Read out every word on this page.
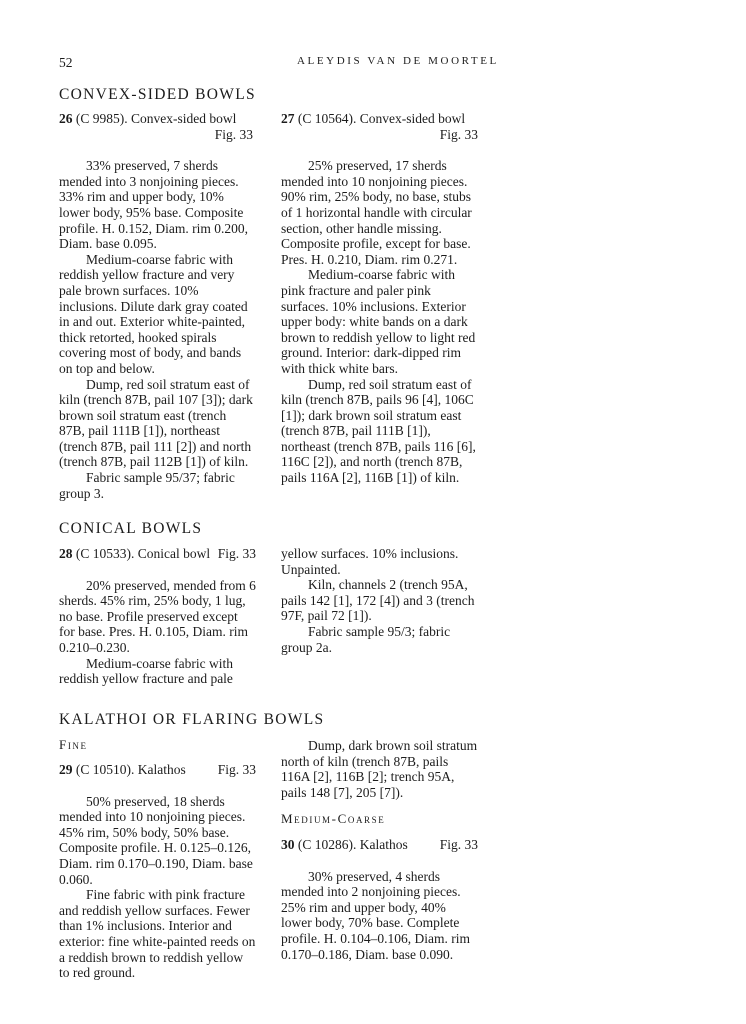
52	ALEYDIS VAN DE MOORTEL
CONVEX-SIDED BOWLS
26 (C 9985). Convex-sided bowl
Fig. 33

33% preserved, 7 sherds mended into 3 nonjoining pieces. 33% rim and upper body, 10% lower body, 95% base. Composite profile. H. 0.152, Diam. rim 0.200, Diam. base 0.095.

Medium-coarse fabric with reddish yellow fracture and very pale brown surfaces. 10% inclusions. Dilute dark gray coated in and out. Exterior white-painted, thick retorted, hooked spirals covering most of body, and bands on top and below.

Dump, red soil stratum east of kiln (trench 87B, pail 107 [3]); dark brown soil stratum east (trench 87B, pail 111B [1]), northeast (trench 87B, pail 111 [2]) and north (trench 87B, pail 112B [1]) of kiln.

Fabric sample 95/37; fabric group 3.

27 (C 10564). Convex-sided bowl
Fig. 33

25% preserved, 17 sherds mended into 10 nonjoining pieces. 90% rim, 25% body, no base, stubs of 1 horizontal handle with circular section, other handle missing. Composite profile, except for base. Pres. H. 0.210, Diam. rim 0.271.

Medium-coarse fabric with pink fracture and paler pink surfaces. 10% inclusions. Exterior upper body: white bands on a dark brown to reddish yellow to light red ground. Interior: dark-dipped rim with thick white bars.

Dump, red soil stratum east of kiln (trench 87B, pails 96 [4], 106C [1]); dark brown soil stratum east (trench 87B, pail 111B [1]), northeast (trench 87B, pails 116 [6], 116C [2]), and north (trench 87B, pails 116A [2], 116B [1]) of kiln.

CONICAL BOWLS
28 (C 10533). Conical bowl Fig. 33

20% preserved, mended from 6 sherds. 45% rim, 25% body, 1 lug, no base. Profile preserved except for base. Pres. H. 0.105, Diam. rim 0.210–0.230.

Medium-coarse fabric with reddish yellow fracture and pale

yellow surfaces. 10% inclusions. Unpainted.

Kiln, channels 2 (trench 95A, pails 142 [1], 172 [4]) and 3 (trench 97F, pail 72 [1]).

Fabric sample 95/3; fabric group 2a.

KALATHOI OR FLARING BOWLS
Fine
29 (C 10510). Kalathos Fig. 33

50% preserved, 18 sherds mended into 10 nonjoining pieces. 45% rim, 50% body, 50% base. Composite profile. H. 0.125–0.126, Diam. rim 0.170–0.190, Diam. base 0.060.

Fine fabric with pink fracture and reddish yellow surfaces. Fewer than 1% inclusions. Interior and exterior: fine white-painted reeds on a reddish brown to reddish yellow to red ground.

Dump, dark brown soil stratum north of kiln (trench 87B, pails 116A [2], 116B [2]; trench 95A, pails 148 [7], 205 [7]).

Medium-Coarse
30 (C 10286). Kalathos Fig. 33

30% preserved, 4 sherds mended into 2 nonjoining pieces. 25% rim and upper body, 40% lower body, 70% base. Complete profile. H. 0.104–0.106, Diam. rim 0.170–0.186, Diam. base 0.090.
